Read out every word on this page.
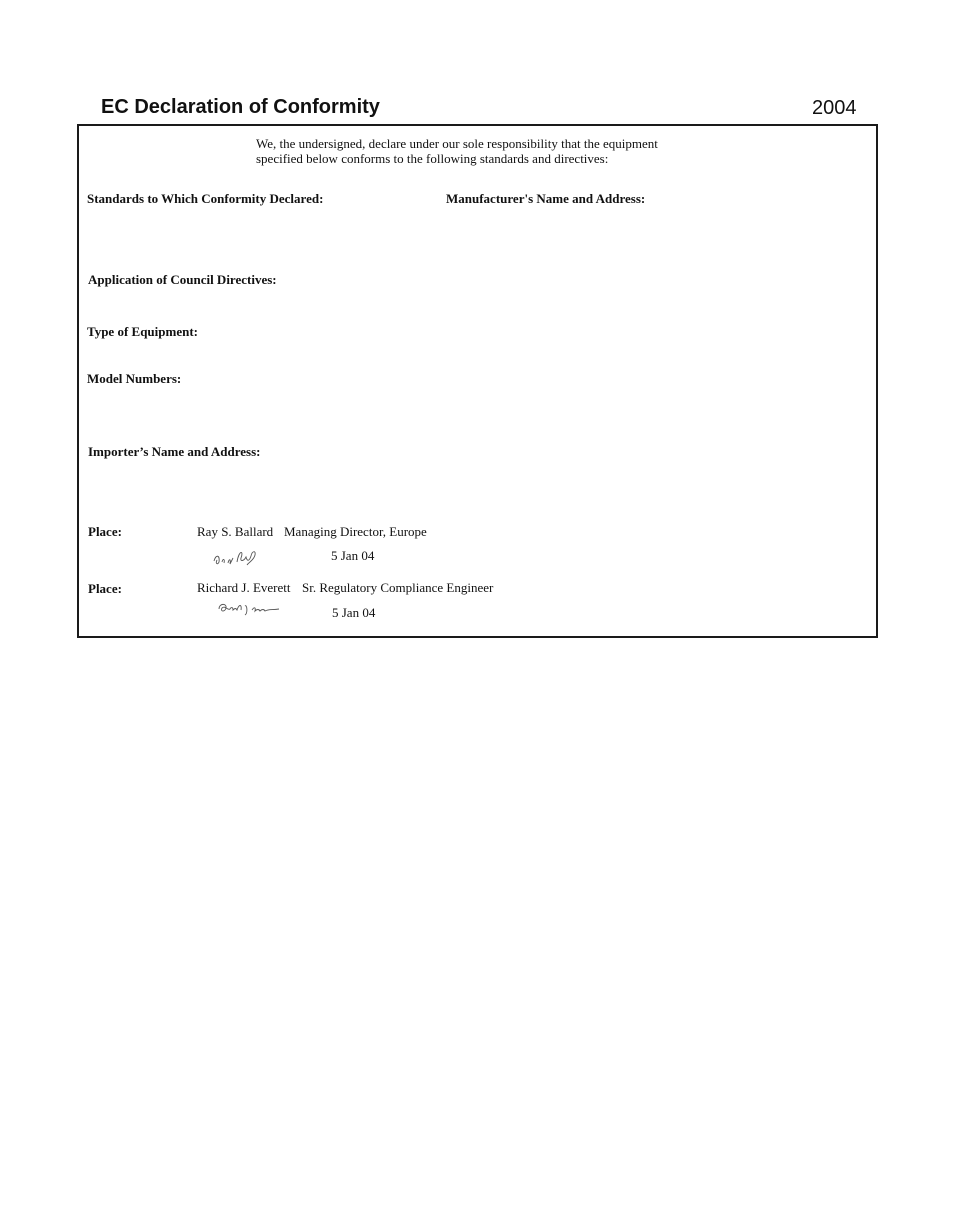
EC Declaration of Conformity	2004
We, the undersigned, declare under our sole responsibility that the equipment
specified below conforms to the following standards and directives:
Standards to Which Conformity Declared:	Manufacturer's Name and Address:
Application of Council Directives:
Type of Equipment:
Model Numbers:
Importer’s Name and Address:
Place:	Ray S. Ballard Managing Director, Europe
5 Jan 04
Place:	Richard J. Everett Sr. Regulatory Compliance Engineer
5 Jan 04
